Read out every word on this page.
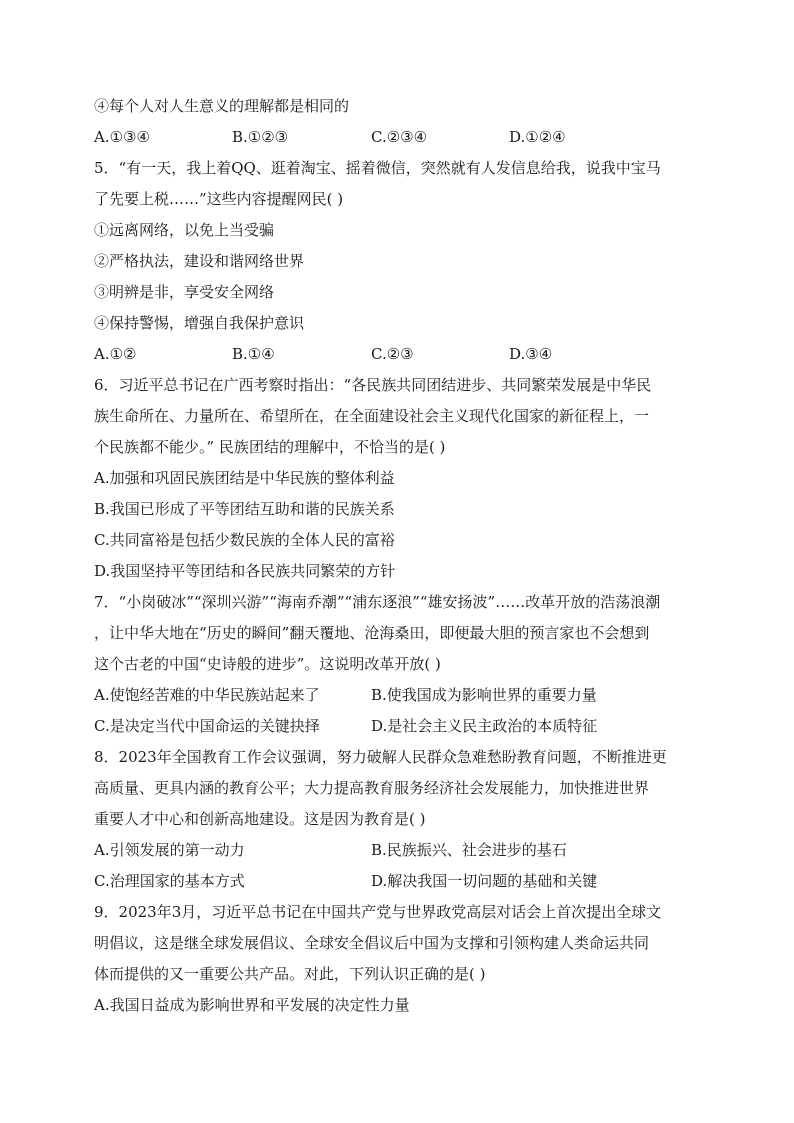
④每个人对人生意义的理解都是相同的
A.①③④	B.①②③	C.②③④	D.①②④
5．“有一天，我上着QQ、逛着淘宝、摇着微信，突然就有人发信息给我，说我中宝马
了先要上税……”这些内容提醒网民( )
①远离网络，以免上当受骗
②严格执法，建设和谐网络世界
③明辨是非，享受安全网络
④保持警惕，增强自我保护意识
A.①②	B.①④	C.②③	D.③④
6．习近平总书记在广西考察时指出：“各民族共同团结进步、共同繁荣发展是中华民
族生命所在、力量所在、希望所在，在全面建设社会主义现代化国家的新征程上，一
个民族都不能少。” 民族团结的理解中，不恰当的是( )
A.加强和巩固民族团结是中华民族的整体利益
B.我国已形成了平等团结互助和谐的民族关系
C.共同富裕是包括少数民族的全体人民的富裕
D.我国坚持平等团结和各民族共同繁荣的方针
7．“小岗破冰”“深圳兴游”“海南乔潮”“浦东逐浪”“雄安扬波”……改革开放的浩荡浪潮
，让中华大地在“历史的瞬间”翻天覆地、沧海桑田，即便最大胆的预言家也不会想到
这个古老的中国“史诗般的进步”。这说明改革开放( )
A.使饱经苦难的中华民族站起来了	B.使我国成为影响世界的重要力量
C.是决定当代中国命运的关键抉择	D.是社会主义民主政治的本质特征
8．2023年全国教育工作会议强调，努力破解人民群众急难愁盼教育问题，不断推进更
高质量、更具内涵的教育公平；大力提高教育服务经济社会发展能力，加快推进世界
重要人才中心和创新高地建设。这是因为教育是( )
A.引领发展的第一动力	B.民族振兴、社会进步的基石
C.治理国家的基本方式	D.解决我国一切问题的基础和关键
9．2023年3月，习近平总书记在中国共产党与世界政党高层对话会上首次提出全球文
明倡议，这是继全球发展倡议、全球安全倡议后中国为支撑和引领构建人类命运共同
体而提供的又一重要公共产品。对此，下列认识正确的是( )
A.我国日益成为影响世界和平发展的决定性力量
